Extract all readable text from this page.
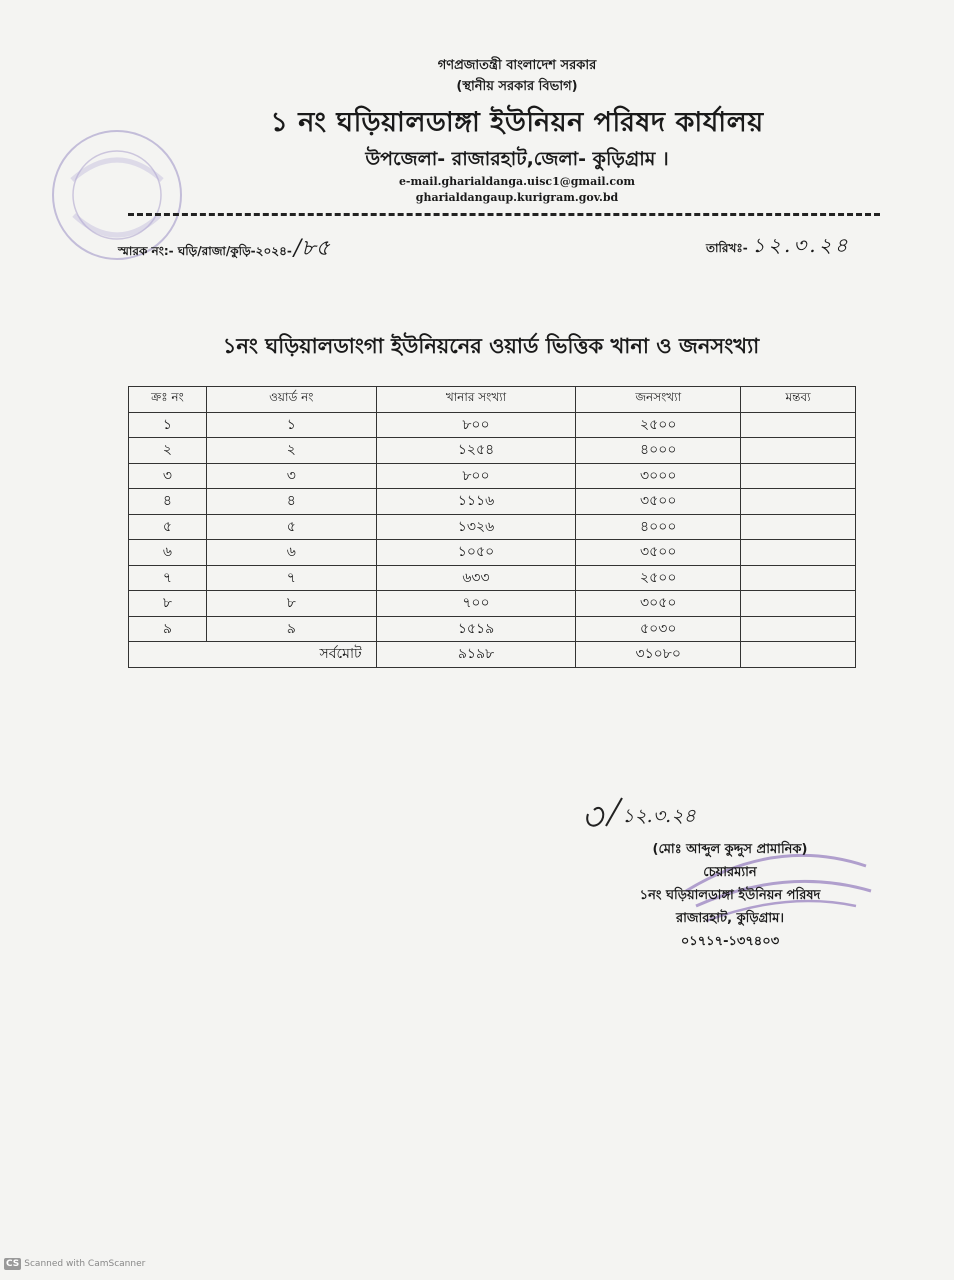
গণপ্রজাতন্ত্রী বাংলাদেশ সরকার
(স্থানীয় সরকার বিভাগ)
১ নং ঘড়িয়ালডাঙ্গা ইউনিয়ন পরিষদ কার্যালয়
উপজেলা- রাজারহাট,জেলা- কুড়িগ্রাম ।
e-mail.gharialdanga.uisc1@gmail.com
gharialdangaup.kurigram.gov.bd
স্মারক নং:- ঘড়ি/রাজা/কুড়ি-২০২৪-/৮৫	তারিখঃ- ১২.৩.২৪
১নং ঘড়িয়ালডাংগা ইউনিয়নের ওয়ার্ড ভিত্তিক খানা ও জনসংখ্যা
ক্রঃ নং	ওয়ার্ড নং	খানার সংখ্যা	জনসংখ্যা	মন্তব্য
১	১	৮০০	২৫০০	
২	২	১২৫৪	৪০০০	
৩	৩	৮০০	৩০০০	
৪	৪	১১১৬	৩৫০০	
৫	৫	১৩২৬	৪০০০	
৬	৬	১০৫০	৩৫০০	
৭	৭	৬৩৩	২৫০০	
৮	৮	৭০০	৩০৫০	
৯	৯	১৫১৯	৫০৩০	
সর্বমোট		৯১৯৮	৩১০৮০	
১২.৩.২৪
(মোঃ আব্দুল কুদ্দুস প্রামানিক)
চেয়ারম্যান
১নং ঘড়িয়ালডাঙ্গা ইউনিয়ন পরিষদ
রাজারহাট, কুড়িগ্রাম।
০১৭১৭-১৩৭৪০৩
CS Scanned with CamScanner
